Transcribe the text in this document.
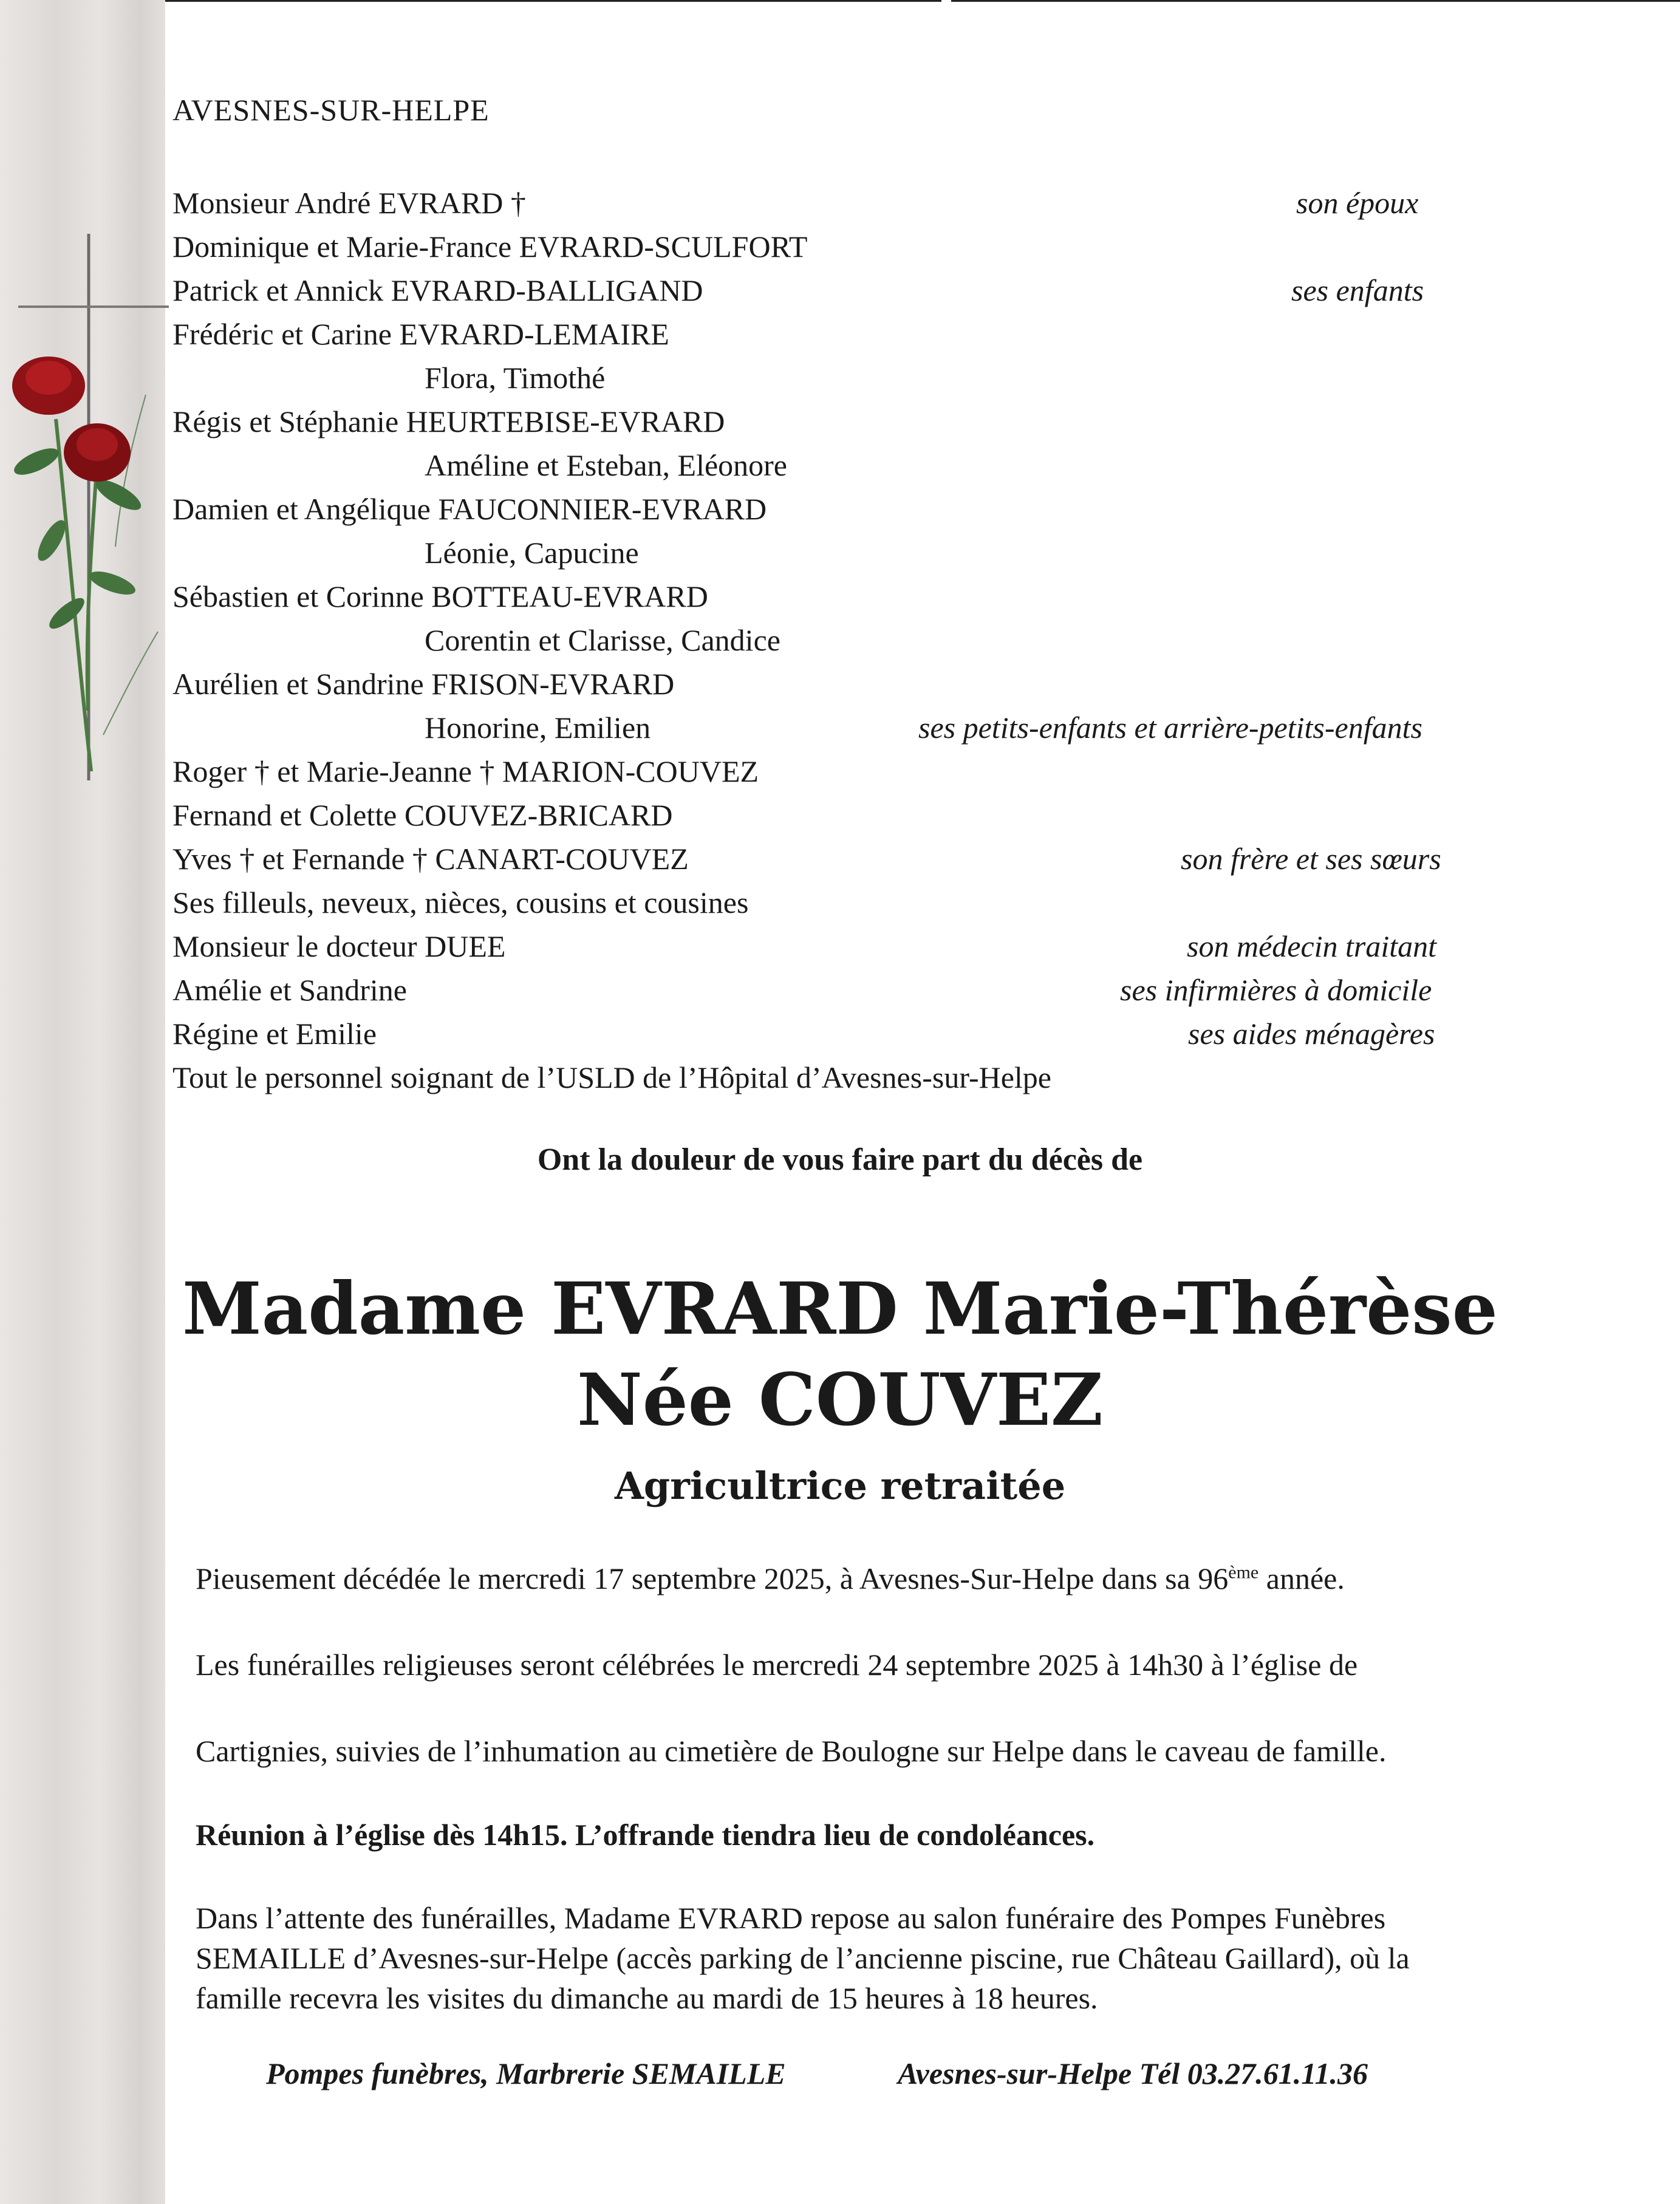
AVESNES-SUR-HELPE
Monsieur André EVRARD †	son époux
Dominique et Marie-France EVRARD-SCULFORT
Patrick et Annick EVRARD-BALLIGAND	ses enfants
Frédéric et Carine EVRARD-LEMAIRE
Flora, Timothé
Régis et Stéphanie HEURTEBISE-EVRARD
Améline et Esteban, Eléonore
Damien et Angélique FAUCONNIER-EVRARD
Léonie, Capucine
Sébastien et Corinne BOTTEAU-EVRARD
Corentin et Clarisse, Candice
Aurélien et Sandrine FRISON-EVRARD
Honorine, Emilien	ses petits-enfants et arrière-petits-enfants
Roger † et Marie-Jeanne † MARION-COUVEZ
Fernand et Colette COUVEZ-BRICARD
Yves † et Fernande † CANART-COUVEZ	son frère et ses sœurs
Ses filleuls, neveux, nièces, cousins et cousines
Monsieur le docteur DUEE	son médecin traitant
Amélie et Sandrine	ses infirmières à domicile
Régine et Emilie	ses aides ménagères
Tout le personnel soignant de l’USLD de l’Hôpital d’Avesnes-sur-Helpe
Ont la douleur de vous faire part du décès de
Madame EVRARD Marie-Thérèse
Née COUVEZ
Agricultrice retraitée
Pieusement décédée le mercredi 17 septembre 2025, à Avesnes-Sur-Helpe dans sa 96ème année.
Les funérailles religieuses seront célébrées le mercredi 24 septembre 2025 à 14h30 à l’église de
Cartignies, suivies de l’inhumation au cimetière de Boulogne sur Helpe dans le caveau de famille.
Réunion à l’église dès 14h15. L’offrande tiendra lieu de condoléances.
Dans l’attente des funérailles, Madame EVRARD repose au salon funéraire des Pompes Funèbres
SEMAILLE d’Avesnes-sur-Helpe (accès parking de l’ancienne piscine, rue Château Gaillard), où la
famille recevra les visites du dimanche au mardi de 15 heures à 18 heures.
Pompes funèbres, Marbrerie SEMAILLE	Avesnes-sur-Helpe Tél 03.27.61.11.36
